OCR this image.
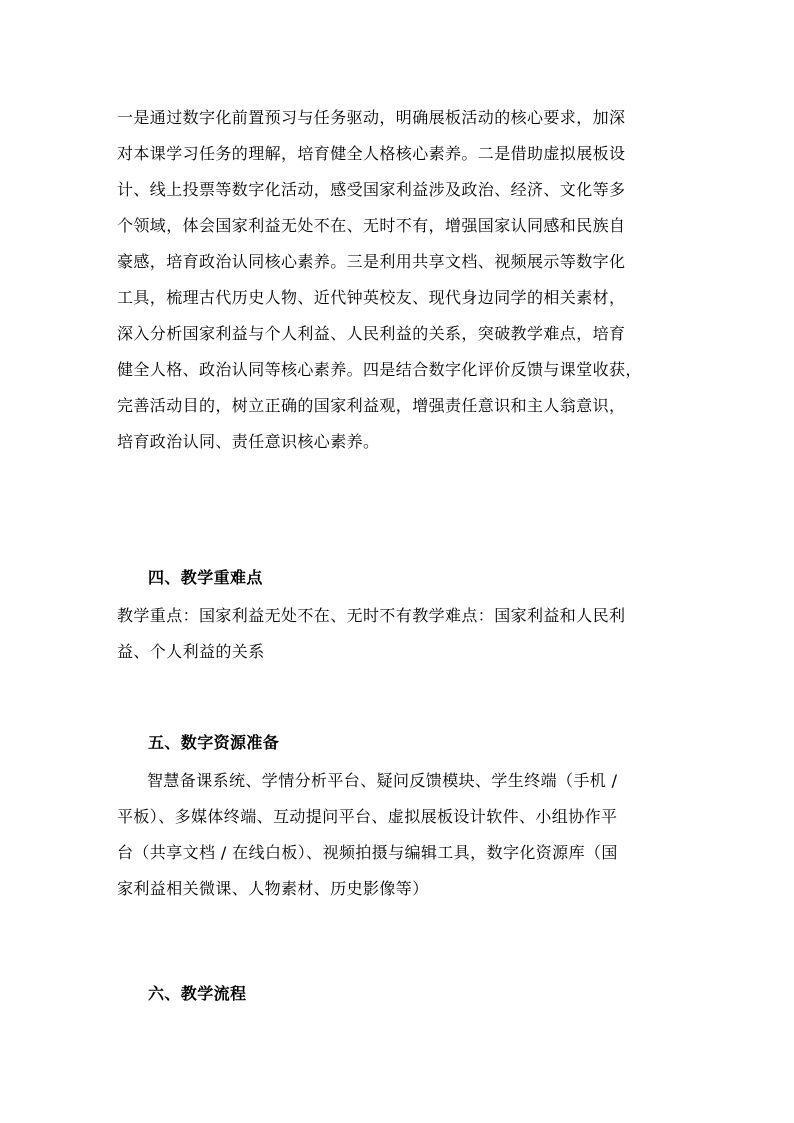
一是通过数字化前置预习与任务驱动，明确展板活动的核心要求，加深
对本课学习任务的理解，培育健全人格核心素养。二是借助虚拟展板设
计、线上投票等数字化活动，感受国家利益涉及政治、经济、文化等多
个领域，体会国家利益无处不在、无时不有，增强国家认同感和民族自
豪感，培育政治认同核心素养。三是利用共享文档、视频展示等数字化
工具，梳理古代历史人物、近代钟英校友、现代身边同学的相关素材，
深入分析国家利益与个人利益、人民利益的关系，突破教学难点，培育
健全人格、政治认同等核心素养。四是结合数字化评价反馈与课堂收获，
完善活动目的，树立正确的国家利益观，增强责任意识和主人翁意识，
培育政治认同、责任意识核心素养。
四、教学重难点
教学重点：国家利益无处不在、无时不有教学难点：国家利益和人民利
益、个人利益的关系
五、数字资源准备
智慧备课系统、学情分析平台、疑问反馈模块、学生终端（手机 /
平板）、多媒体终端、互动提问平台、虚拟展板设计软件、小组协作平
台（共享文档 / 在线白板）、视频拍摄与编辑工具，数字化资源库（国
家利益相关微课、人物素材、历史影像等）
六、教学流程
